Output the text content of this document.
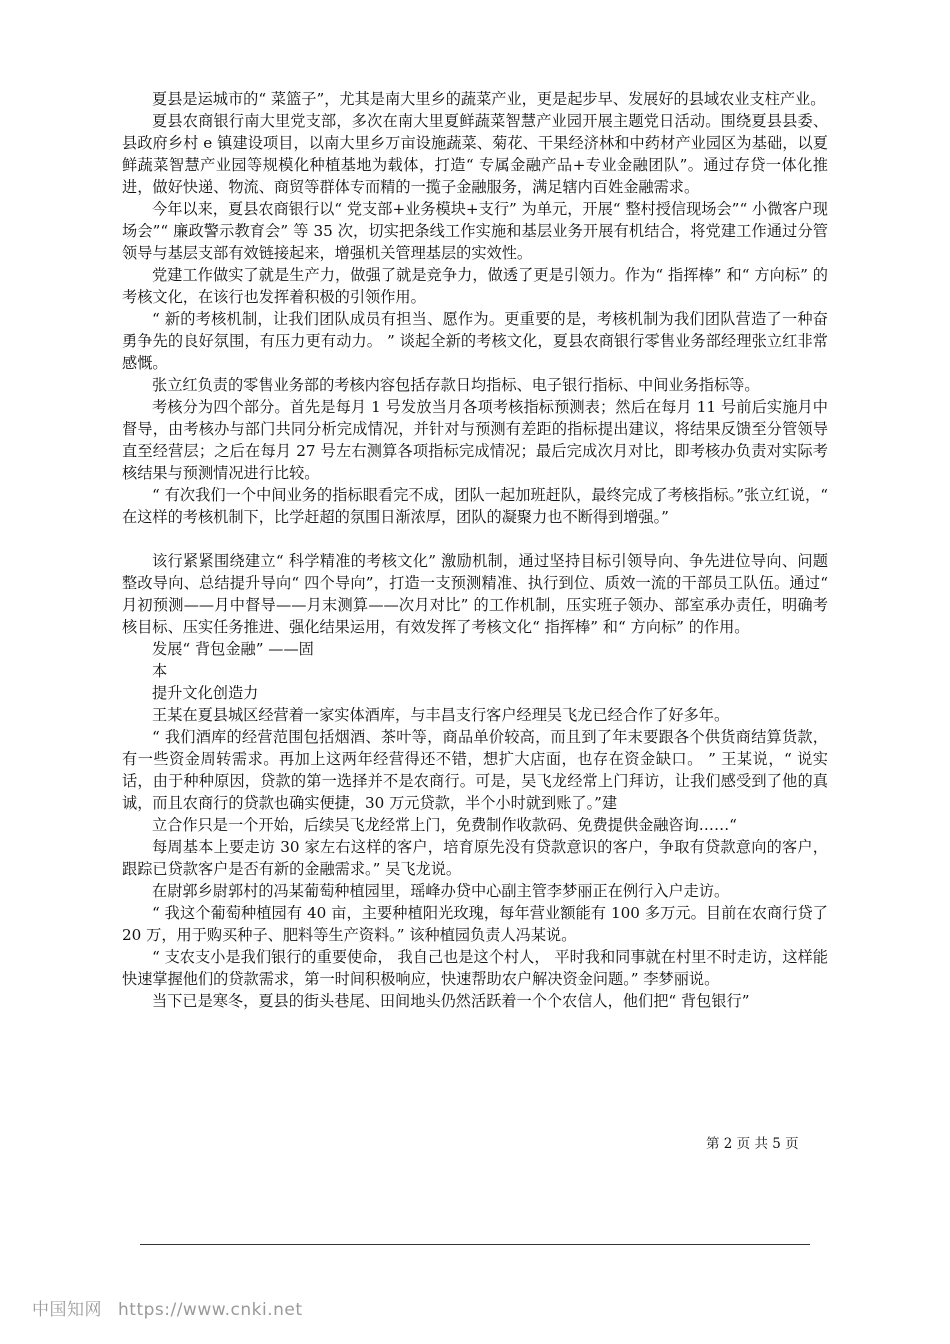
夏县是运城市的“ 菜篮子”，尤其是南大里乡的蔬菜产业，更是起步早、发展好的县域农业支柱产业。

夏县农商银行南大里党支部，多次在南大里夏鲜蔬菜智慧产业园开展主题党日活动。围绕夏县县委、县政府乡村 e 镇建设项目，以南大里乡万亩设施蔬菜、菊花、干果经济林和中药材产业园区为基础，以夏鲜蔬菜智慧产业园等规模化种植基地为载体，打造“ 专属金融产品+专业金融团队”。通过存贷一体化推进，做好快递、物流、商贸等群体专而精的一揽子金融服务，满足辖内百姓金融需求。

今年以来，夏县农商银行以“ 党支部+业务模块+支行” 为单元，开展“ 整村授信现场会”“ 小微客户现场会”“ 廉政警示教育会” 等 35 次，切实把条线工作实施和基层业务开展有机结合，将党建工作通过分管领导与基层支部有效链接起来，增强机关管理基层的实效性。

党建工作做实了就是生产力，做强了就是竞争力，做透了更是引领力。作为“ 指挥棒” 和“ 方向标” 的考核文化，在该行也发挥着积极的引领作用。

“ 新的考核机制，让我们团队成员有担当、愿作为。更重要的是，考核机制为我们团队营造了一种奋勇争先的良好氛围，有压力更有动力。 ” 谈起全新的考核文化，夏县农商银行零售业务部经理张立红非常感慨。

张立红负责的零售业务部的考核内容包括存款日均指标、电子银行指标、中间业务指标等。

考核分为四个部分。首先是每月 1 号发放当月各项考核指标预测表；然后在每月 11 号前后实施月中督导，由考核办与部门共同分析完成情况，并针对与预测有差距的指标提出建议，将结果反馈至分管领导直至经营层；之后在每月 27 号左右测算各项指标完成情况；最后完成次月对比，即考核办负责对实际考核结果与预测情况进行比较。

“ 有次我们一个中间业务的指标眼看完不成，团队一起加班赶队，最终完成了考核指标。”张立红说，“ 在这样的考核机制下，比学赶超的氛围日渐浓厚，团队的凝聚力也不断得到增强。”

该行紧紧围绕建立“ 科学精准的考核文化” 激励机制，通过坚持目标引领导向、争先进位导向、问题整改导向、总结提升导向“ 四个导向”，打造一支预测精准、执行到位、质效一流的干部员工队伍。通过“ 月初预测——月中督导——月末测算——次月对比” 的工作机制，压实班子领办、部室承办责任，明确考核目标、压实任务推进、强化结果运用，有效发挥了考核文化“ 指挥棒” 和“ 方向标” 的作用。

发展“ 背包金融” ——固

本

提升文化创造力

王某在夏县城区经营着一家实体酒库，与丰昌支行客户经理吴飞龙已经合作了好多年。

“ 我们酒库的经营范围包括烟酒、茶叶等，商品单价较高，而且到了年末要跟各个供货商结算货款，有一些资金周转需求。再加上这两年经营得还不错，想扩大店面，也存在资金缺口。 ” 王某说，“ 说实话，由于种种原因，贷款的第一选择并不是农商行。可是，吴飞龙经常上门拜访，让我们感受到了他的真诚，而且农商行的贷款也确实便捷，30 万元贷款，半个小时就到账了。”建

立合作只是一个开始，后续吴飞龙经常上门，免费制作收款码、免费提供金融咨询……“

每周基本上要走访 30 家左右这样的客户，培育原先没有贷款意识的客户，争取有贷款意向的客户，跟踪已贷款客户是否有新的金融需求。” 吴飞龙说。

在尉郭乡尉郭村的冯某葡萄种植园里，瑶峰办贷中心副主管李梦丽正在例行入户走访。

“ 我这个葡萄种植园有 40 亩，主要种植阳光玫瑰，每年营业额能有 100 多万元。目前在农商行贷了 20 万，用于购买种子、肥料等生产资料。” 该种植园负责人冯某说。

“ 支农支小是我们银行的重要使命， 我自己也是这个村人， 平时我和同事就在村里不时走访，这样能快速掌握他们的贷款需求，第一时间积极响应，快速帮助农户解决资金问题。” 李梦丽说。

当下已是寒冬，夏县的街头巷尾、田间地头仍然活跃着一个个农信人，他们把“ 背包银行”

第 2 页 共 5 页
中国知网 https://www.cnki.net
